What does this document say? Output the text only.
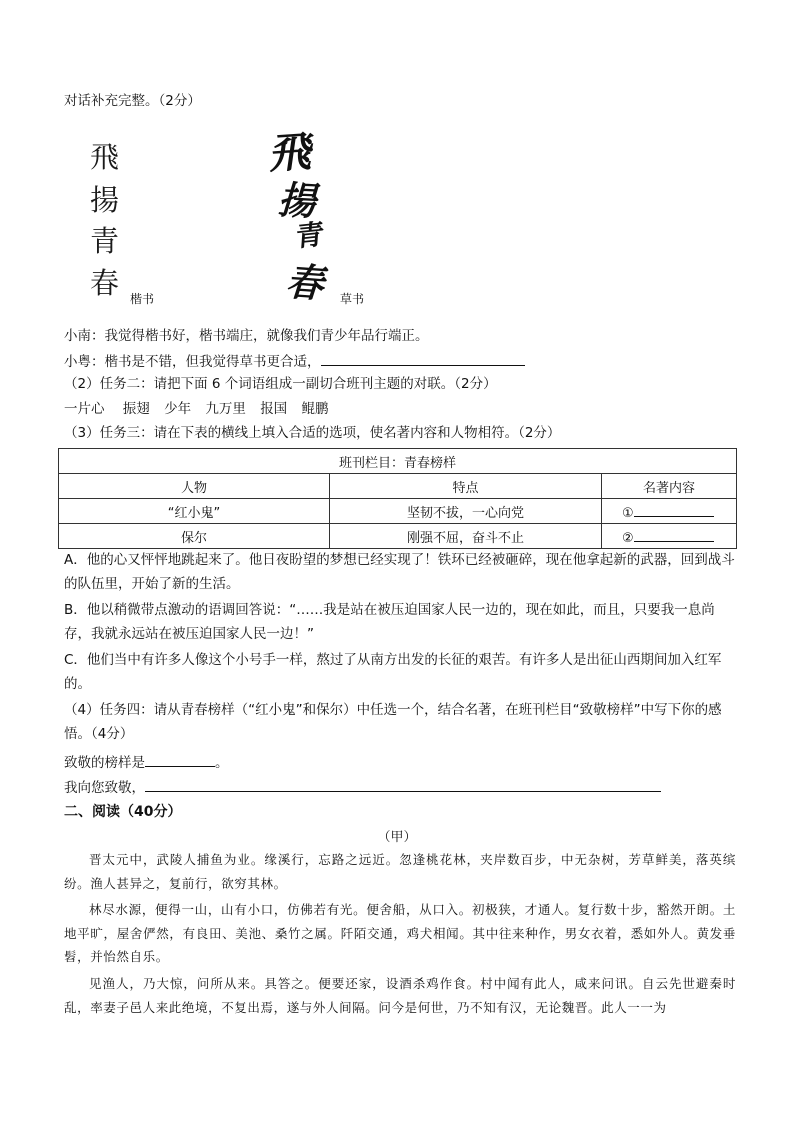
对话补充完整。（2分）
飛
揚
青
春 楷书
飛
揚
青
春 草书
小南：我觉得楷书好，楷书端庄，就像我们青少年品行端正。
小粤：楷书是不错，但我觉得草书更合适，
（2）任务二：请把下面 6 个词语组成一副切合班刊主题的对联。（2分）
一片心 振翅 少年 九万里 报国 鲲鹏
（3）任务三：请在下表的横线上填入合适的选项，使名著内容和人物相符。（2分）
班刊栏目：青春榜样		
人物	特点	名著内容
“红小鬼”	坚韧不拔，一心向党	①
保尔	刚强不屈，奋斗不止	②
A．他的心又怦怦地跳起来了。他日夜盼望的梦想已经实现了！铁环已经被砸碎，现在他拿起新的武器，回到战斗的队伍里，开始了新的生活。
B．他以稍微带点激动的语调回答说：“……我是站在被压迫国家人民一边的，现在如此，而且，只要我一息尚存，我就永远站在被压迫国家人民一边！”
C．他们当中有许多人像这个小号手一样，熬过了从南方出发的长征的艰苦。有许多人是出征山西期间加入红军的。
（4）任务四：请从青春榜样（“红小鬼”和保尔）中任选一个，结合名著，在班刊栏目“致敬榜样”中写下你的感悟。（4分）
致敬的榜样是	。
我向您致敬，
二、阅读（40分）
（甲）
晋太元中，武陵人捕鱼为业。缘溪行，忘路之远近。忽逢桃花林，夹岸数百步，中无杂树，芳草鲜美，落英缤纷。渔人甚异之，复前行，欲穷其林。
林尽水源，便得一山，山有小口，仿佛若有光。便舍船，从口入。初极狭，才通人。复行数十步，豁然开朗。土地平旷，屋舍俨然，有良田、美池、桑竹之属。阡陌交通，鸡犬相闻。其中往来种作，男女衣着，悉如外人。黄发垂髫，并怡然自乐。
见渔人，乃大惊，问所从来。具答之。便要还家，设酒杀鸡作食。村中闻有此人，咸来问讯。自云先世避秦时乱，率妻子邑人来此绝境，不复出焉，遂与外人间隔。问今是何世，乃不知有汉，无论魏晋。此人一一为
